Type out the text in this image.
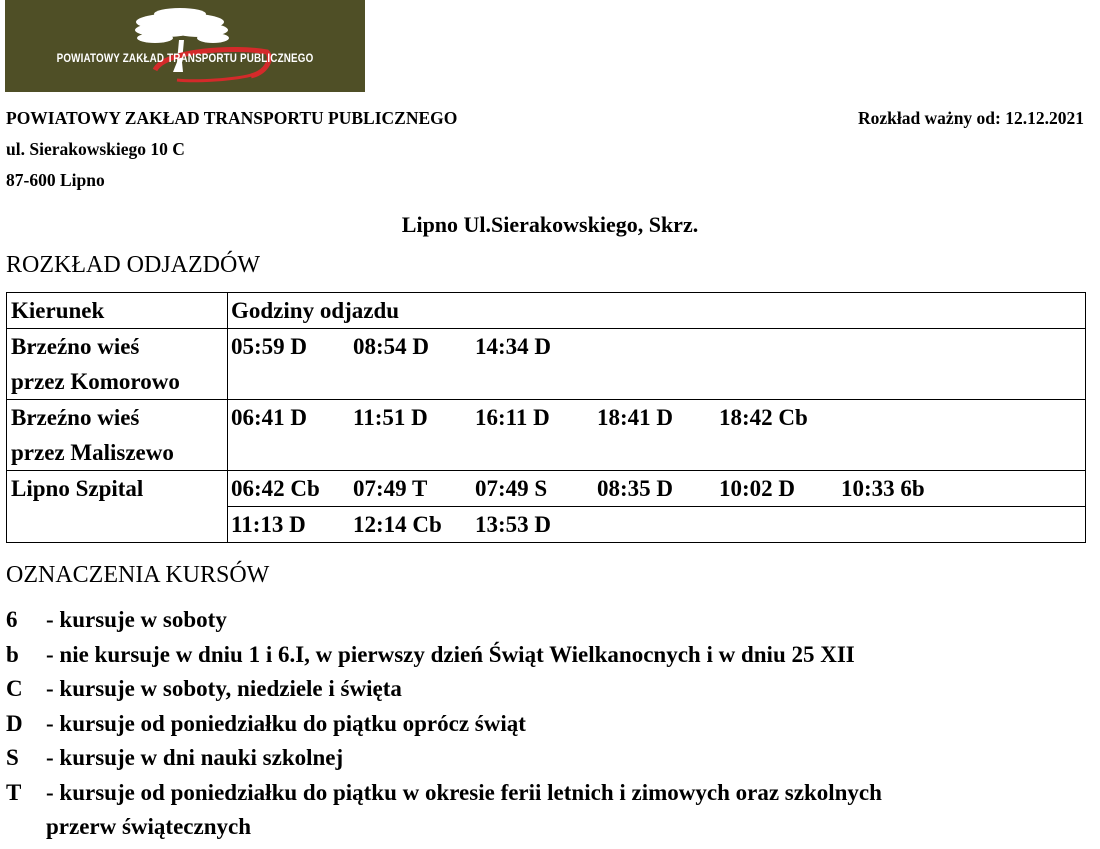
POWIATOWY ZAKŁAD TRANSPORTU PUBLICZNEGO
POWIATOWY ZAKŁAD TRANSPORTU PUBLICZNEGO
ul. Sierakowskiego 10 C
87-600 Lipno
Rozkład ważny od: 12.12.2021
Lipno Ul.Sierakowskiego, Skrz.
ROZKŁAD ODJAZDÓW
Kierunek	Godziny odjazdu

Brzeźno wieś
przez Komorowo	05:59 D 08:54 D 14:34 D

Brzeźno wieś
przez Maliszewo	06:41 D 11:51 D 16:11 D 18:41 D 18:42 Cb

Lipno Szpital	06:42 Cb 07:49 T 07:49 S 08:35 D 10:02 D 10:33 6b
11:13 D 12:14 Cb 13:53 D
OZNACZENIA KURSÓW
6	- kursuje w soboty
b	- nie kursuje w dniu 1 i 6.I, w pierwszy dzień Świąt Wielkanocnych i w dniu 25 XII
C	- kursuje w soboty, niedziele i święta
D	- kursuje od poniedziałku do piątku oprócz świąt
S	- kursuje w dni nauki szkolnej
T	- kursuje od poniedziałku do piątku w okresie ferii letnich i zimowych oraz szkolnych
przerw świątecznych
